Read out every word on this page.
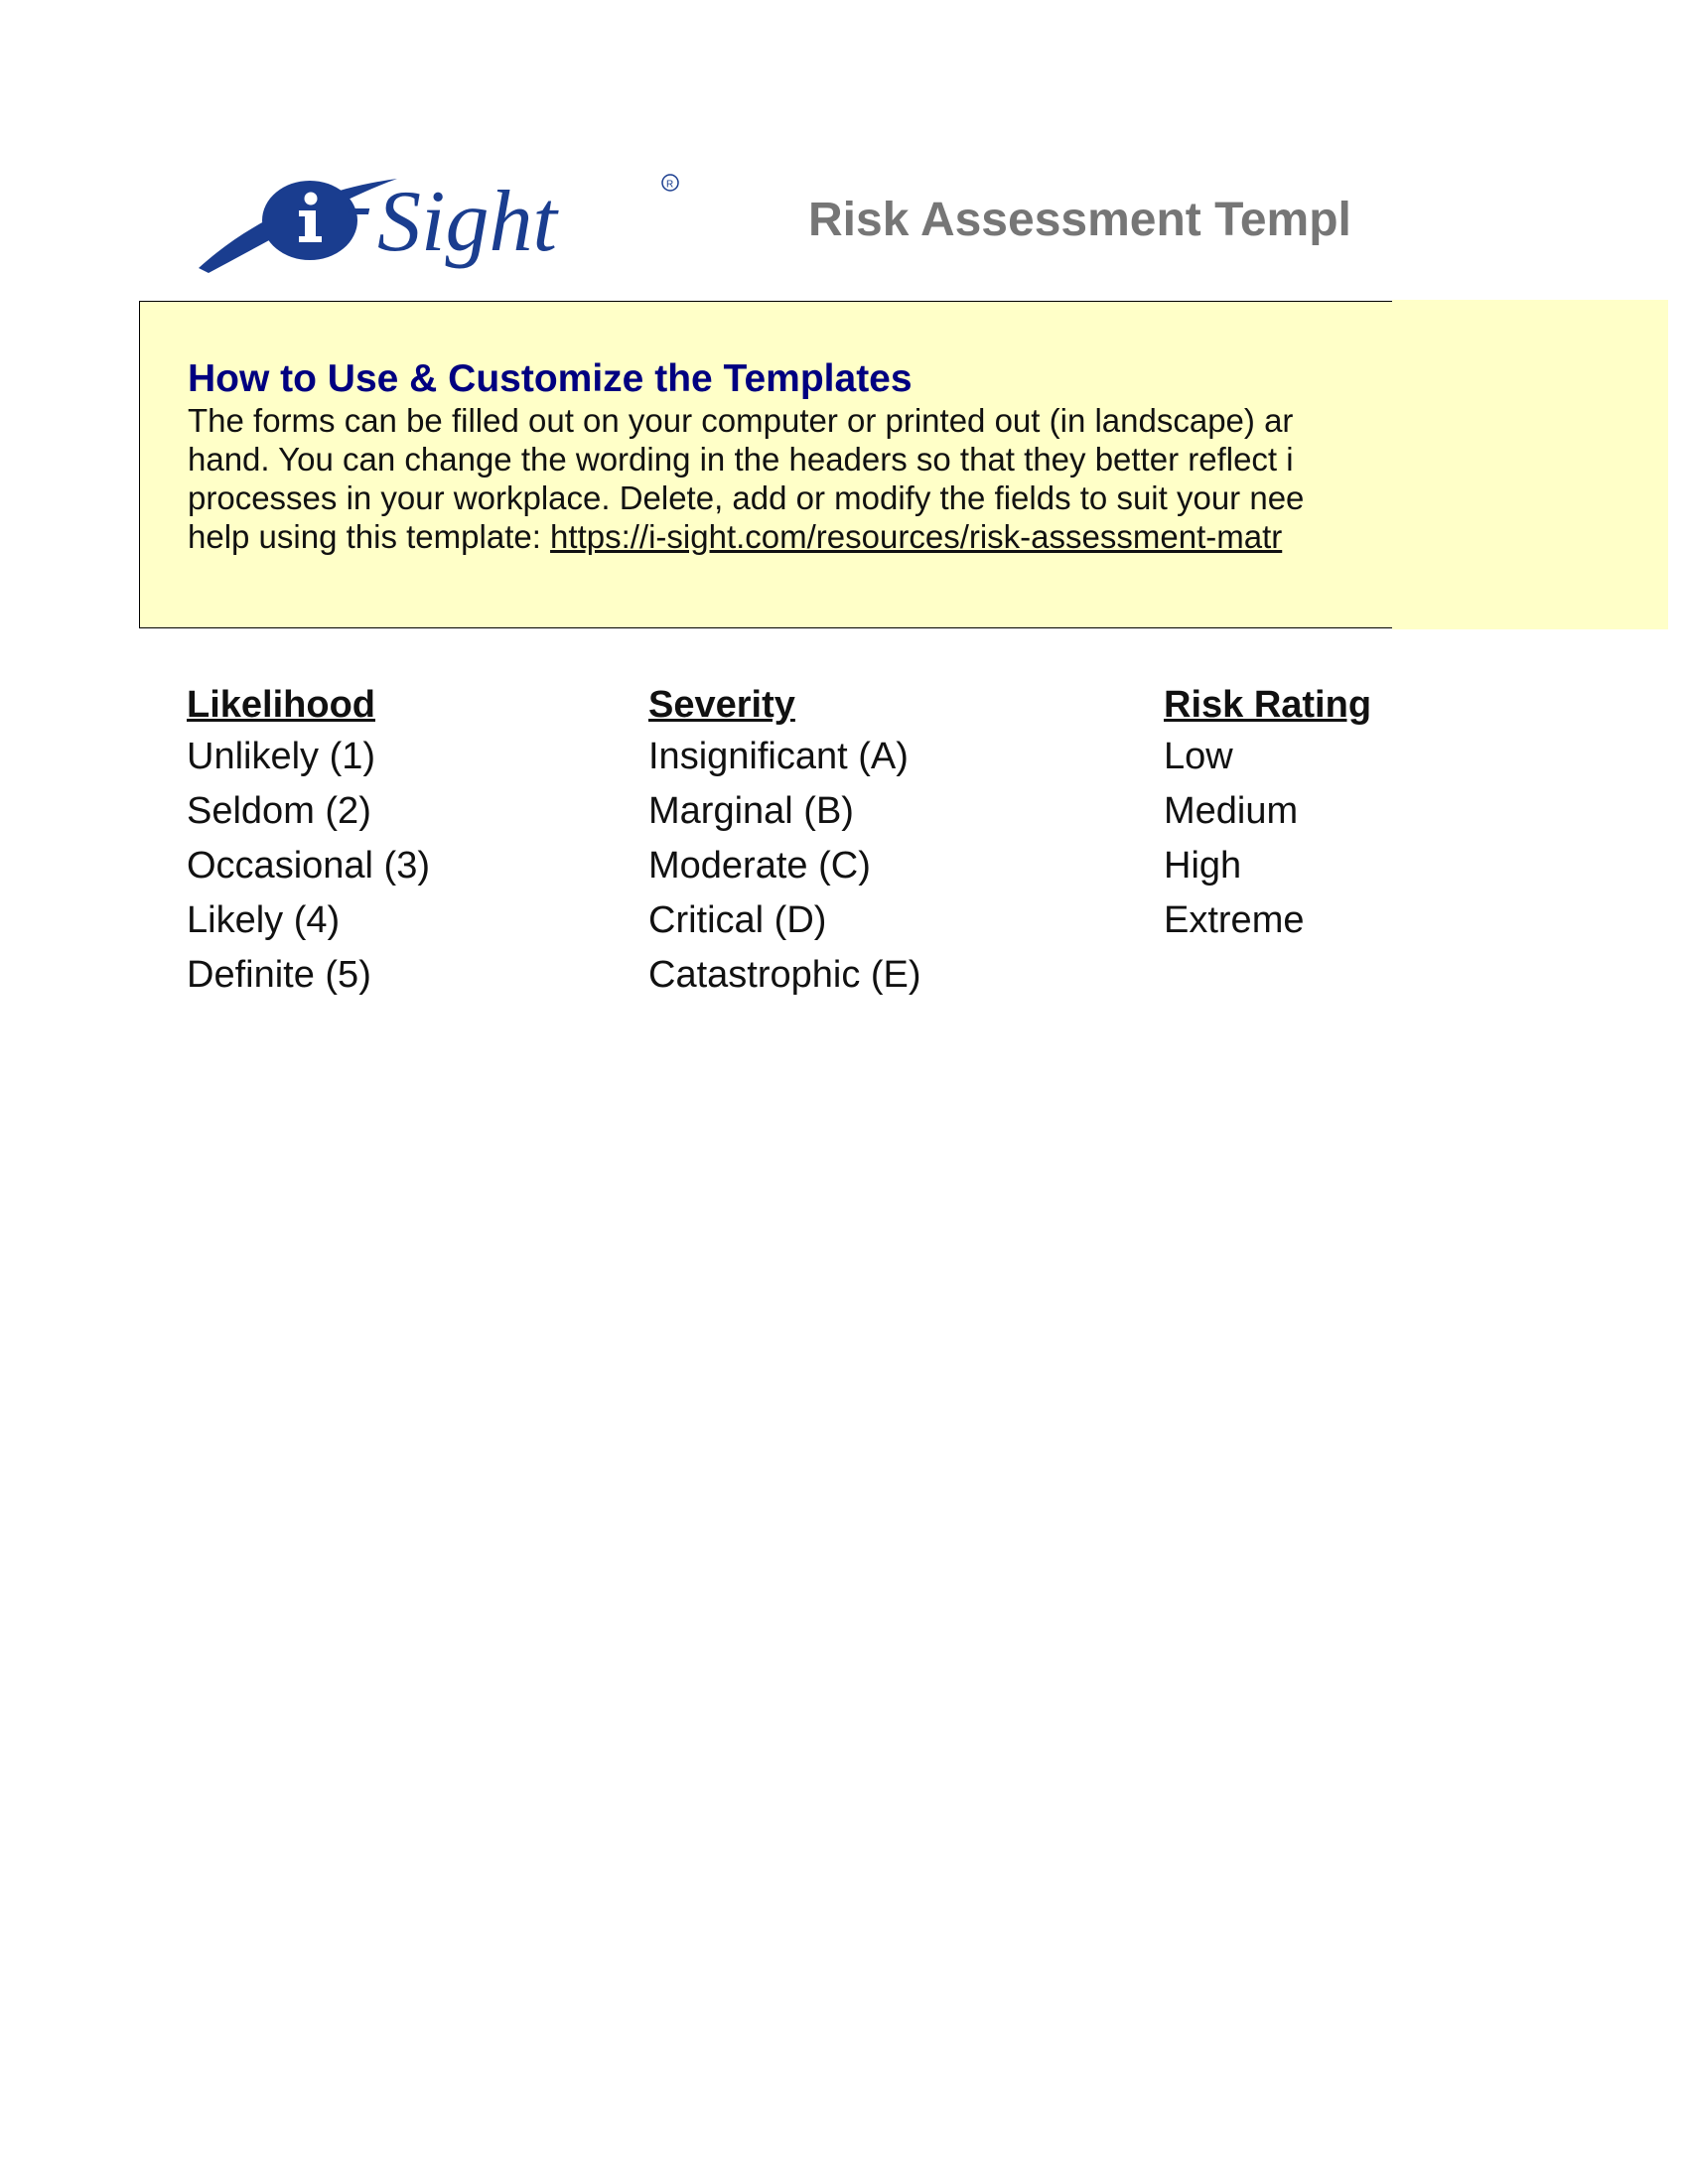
Sight	R
Risk Assessment Templ
How to Use & Customize the Templates
The forms can be filled out on your computer or printed out (in landscape) ar
hand. You can change the wording in the headers so that they better reflect i
processes in your workplace. Delete, add or modify the fields to suit your nee
help using this template: https://i-sight.com/resources/risk-assessment-matr
Likelihood
Unlikely (1)
Seldom (2)
Occasional (3)
Likely (4)
Definite (5)
Severity
Insignificant (A)
Marginal (B)
Moderate (C)
Critical (D)
Catastrophic (E)
Risk Rating
Low
Medium
High
Extreme
